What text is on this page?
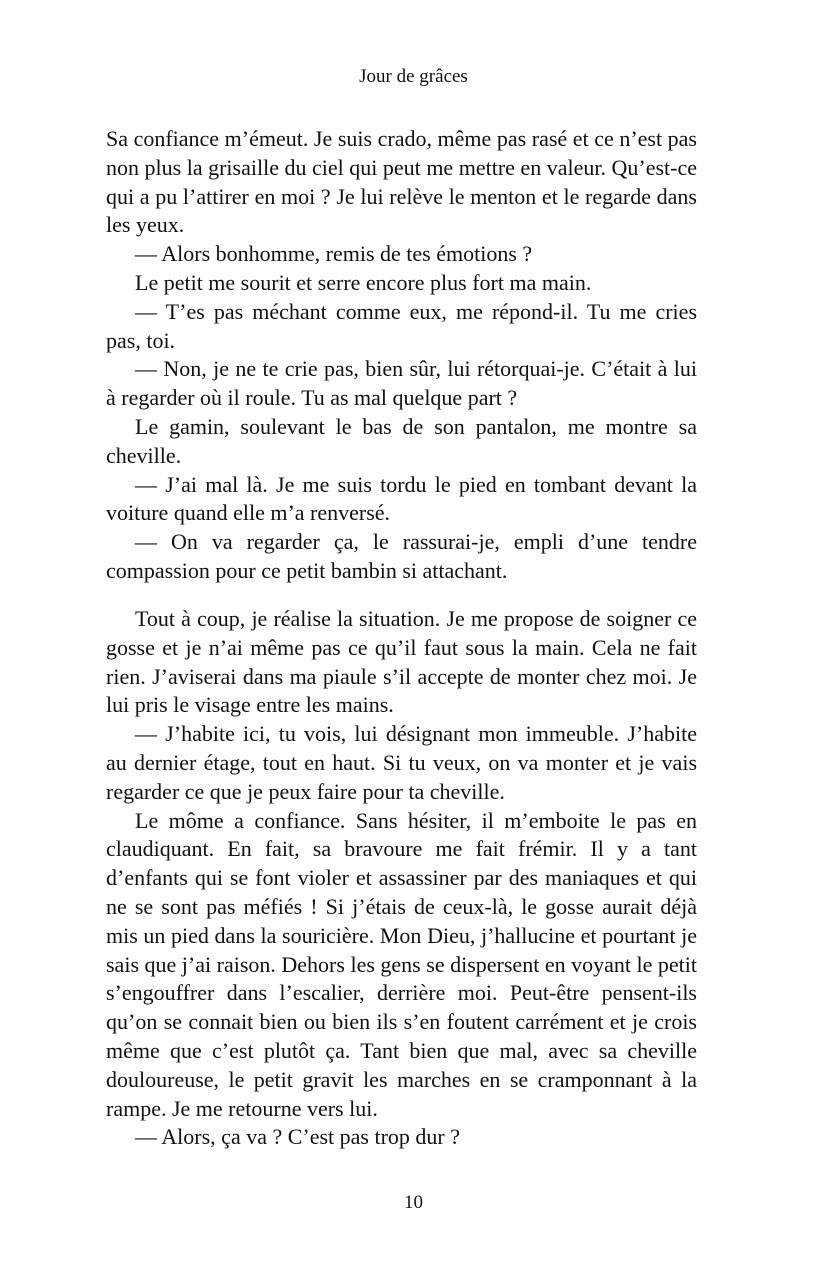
Jour de grâces

Sa confiance m’émeut. Je suis crado, même pas rasé et ce n’est pas non plus la grisaille du ciel qui peut me mettre en valeur. Qu’est-ce qui a pu l’attirer en moi ? Je lui relève le menton et le regarde dans les yeux.

— Alors bonhomme, remis de tes émotions ?

Le petit me sourit et serre encore plus fort ma main.

— T’es pas méchant comme eux, me répond-il. Tu me cries pas, toi.

— Non, je ne te crie pas, bien sûr, lui rétorquai-je. C’était à lui à regarder où il roule. Tu as mal quelque part ?

Le gamin, soulevant le bas de son pantalon, me montre sa cheville.

— J’ai mal là. Je me suis tordu le pied en tombant devant la voiture quand elle m’a renversé.

— On va regarder ça, le rassurai-je, empli d’une tendre compassion pour ce petit bambin si attachant.

Tout à coup, je réalise la situation. Je me propose de soigner ce gosse et je n’ai même pas ce qu’il faut sous la main. Cela ne fait rien. J’aviserai dans ma piaule s’il accepte de monter chez moi. Je lui pris le visage entre les mains.

— J’habite ici, tu vois, lui désignant mon immeuble. J’habite au dernier étage, tout en haut. Si tu veux, on va monter et je vais regarder ce que je peux faire pour ta cheville.

Le môme a confiance. Sans hésiter, il m’emboite le pas en claudiquant. En fait, sa bravoure me fait frémir. Il y a tant d’enfants qui se font violer et assassiner par des maniaques et qui ne se sont pas méfiés ! Si j’étais de ceux-là, le gosse aurait déjà mis un pied dans la souricière. Mon Dieu, j’hallucine et pourtant je sais que j’ai raison. Dehors les gens se dispersent en voyant le petit s’engouffrer dans l’escalier, derrière moi. Peut-être pensent-ils qu’on se connait bien ou bien ils s’en foutent carrément et je crois même que c’est plutôt ça. Tant bien que mal, avec sa cheville douloureuse, le petit gravit les marches en se cramponnant à la rampe. Je me retourne vers lui.

— Alors, ça va ? C’est pas trop dur ?

10
